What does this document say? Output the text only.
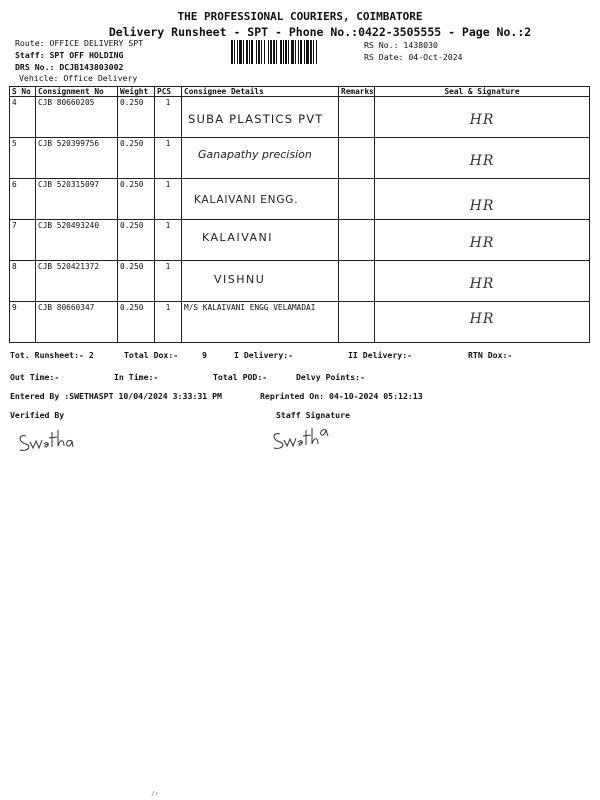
THE PROFESSIONAL COURIERS, COIMBATORE
Delivery Runsheet - SPT - Phone No.:0422-3505555 - Page No.:2
Route: OFFICE DELIVERY SPT
Staff: SPT OFF HOLDING
DRS No.: DCJB143803002
Vehicle: Office Delivery
RS No.: 1438030
RS Date: 04-Oct-2024
S No	Consignment No	Weight	PCS	Consignee Details	Remarks	Seal & Signature
4	CJB 80660205	0.250	1	SUBA PLASTICS PVT		HR

5	CJB 520399756	0.250	1	Ganapathy precision		HR

6	CJB 520315097	0.250	1	KALAIVANI ENGG.		HR

7	CJB 520493240	0.250	1	KALAIVANI		HR

8	CJB 520421372	0.250	1	VISHNU		HR

9	CJB 80660347	0.250	1	M/S KALAIVANI ENGG VELAMADAI		HR
Tot. Runsheet:- 2	Total Dox:-	9	I Delivery:-	II Delivery:-	RTN Dox:-
Out Time:-	In Time:-	Total POD:-	Delvy Points:-
Entered By :SWETHASPT 10/04/2024 3:33:31 PM	Reprinted On: 04-10-2024 05:12:13
Verified By	Staff Signature
